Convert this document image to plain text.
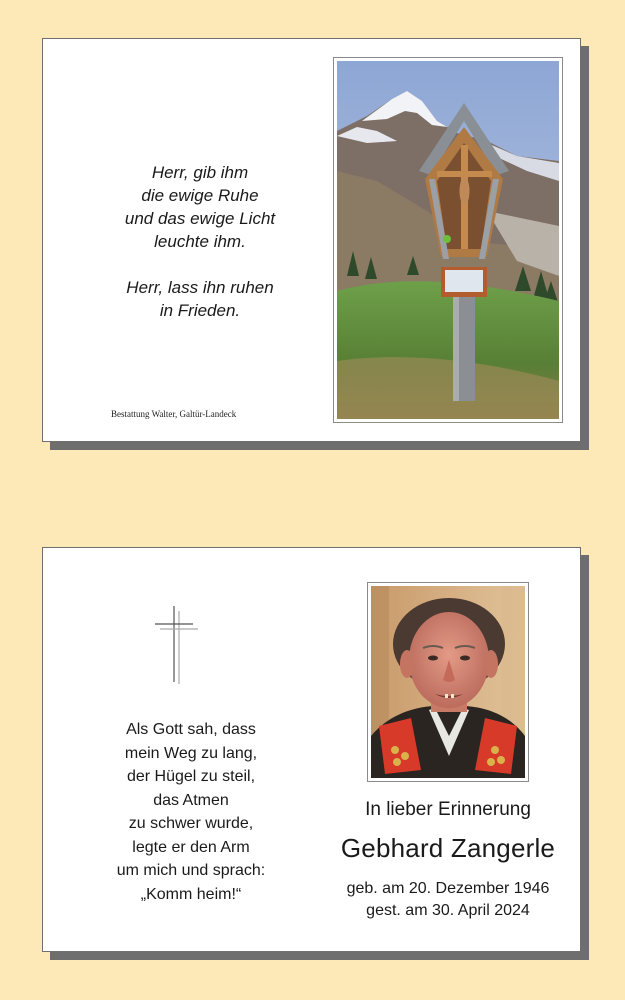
Herr, gib ihm

die ewige Ruhe

und das ewige Licht

leuchte ihm.

Herr, lass ihn ruhen

in Frieden.

Bestattung Walter, Galtür-Landeck

Als Gott sah, dass

mein Weg zu lang,

der Hügel zu steil,

das Atmen

zu schwer wurde,

legte er den Arm

um mich und sprach:

„Komm heim!“

In lieber Erinnerung
Gebhard Zangerle
geb. am 20. Dezember 1946
gest. am 30. April 2024
